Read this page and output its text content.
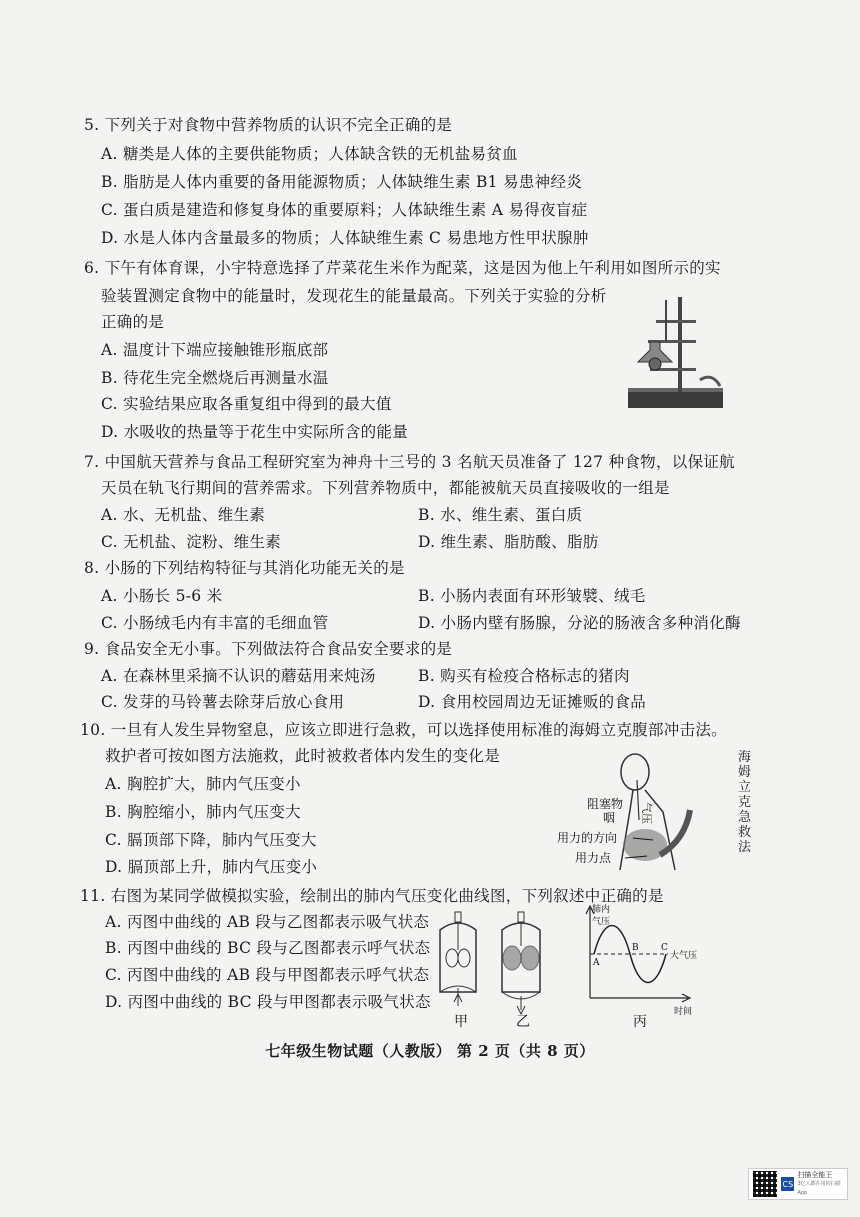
5. 下列关于对食物中营养物质的认识不完全正确的是
A. 糖类是人体的主要供能物质；人体缺含铁的无机盐易贫血
B. 脂肪是人体内重要的备用能源物质；人体缺维生素 B1 易患神经炎
C. 蛋白质是建造和修复身体的重要原料；人体缺维生素 A 易得夜盲症
D. 水是人体内含量最多的物质；人体缺维生素 C 易患地方性甲状腺肿
6. 下午有体育课，小宇特意选择了芹菜花生米作为配菜，这是因为他上午利用如图所示的实
验装置测定食物中的能量时，发现花生的能量最高。下列关于实验的分析
正确的是
A. 温度计下端应接触锥形瓶底部
B. 待花生完全燃烧后再测量水温
C. 实验结果应取各重复组中得到的最大值
D. 水吸收的热量等于花生中实际所含的能量
7. 中国航天营养与食品工程研究室为神舟十三号的 3 名航天员准备了 127 种食物，以保证航
天员在轨飞行期间的营养需求。下列营养物质中，都能被航天员直接吸收的一组是
A. 水、无机盐、维生素	B. 水、维生素、蛋白质
C. 无机盐、淀粉、维生素	D. 维生素、脂肪酸、脂肪
8. 小肠的下列结构特征与其消化功能无关的是
A. 小肠长 5-6 米	B. 小肠内表面有环形皱襞、绒毛
C. 小肠绒毛内有丰富的毛细血管	D. 小肠内壁有肠腺，分泌的肠液含多种消化酶
9. 食品安全无小事。下列做法符合食品安全要求的是
A. 在森林里采摘不认识的蘑菇用来炖汤	B. 购买有检疫合格标志的猪肉
C. 发芽的马铃薯去除芽后放心食用	D. 食用校园周边无证摊贩的食品
10. 一旦有人发生异物窒息，应该立即进行急救，可以选择使用标准的海姆立克腹部冲击法。
救护者可按如图方法施救，此时被救者体内发生的变化是
A. 胸腔扩大，肺内气压变小
B. 胸腔缩小，肺内气压变大
C. 膈顶部下降，肺内气压变大
D. 膈顶部上升，肺内气压变小
阻塞物
咽 气压
用力的方向
用力点
海姆立克急救法
11. 右图为某同学做模拟实验，绘制出的肺内气压变化曲线图，下列叙述中正确的是
A. 丙图中曲线的 AB 段与乙图都表示吸气状态
B. 丙图中曲线的 BC 段与乙图都表示呼气状态
C. 丙图中曲线的 AB 段与甲图都表示呼气状态
D. 丙图中曲线的 BC 段与甲图都表示吸气状态
甲	乙
肺内
气压
时间
大气压
A
B C
丙
七年级生物试题（人教版） 第 2 页（共 8 页）
CS
扫描全能王
3亿人都在用的扫描App
